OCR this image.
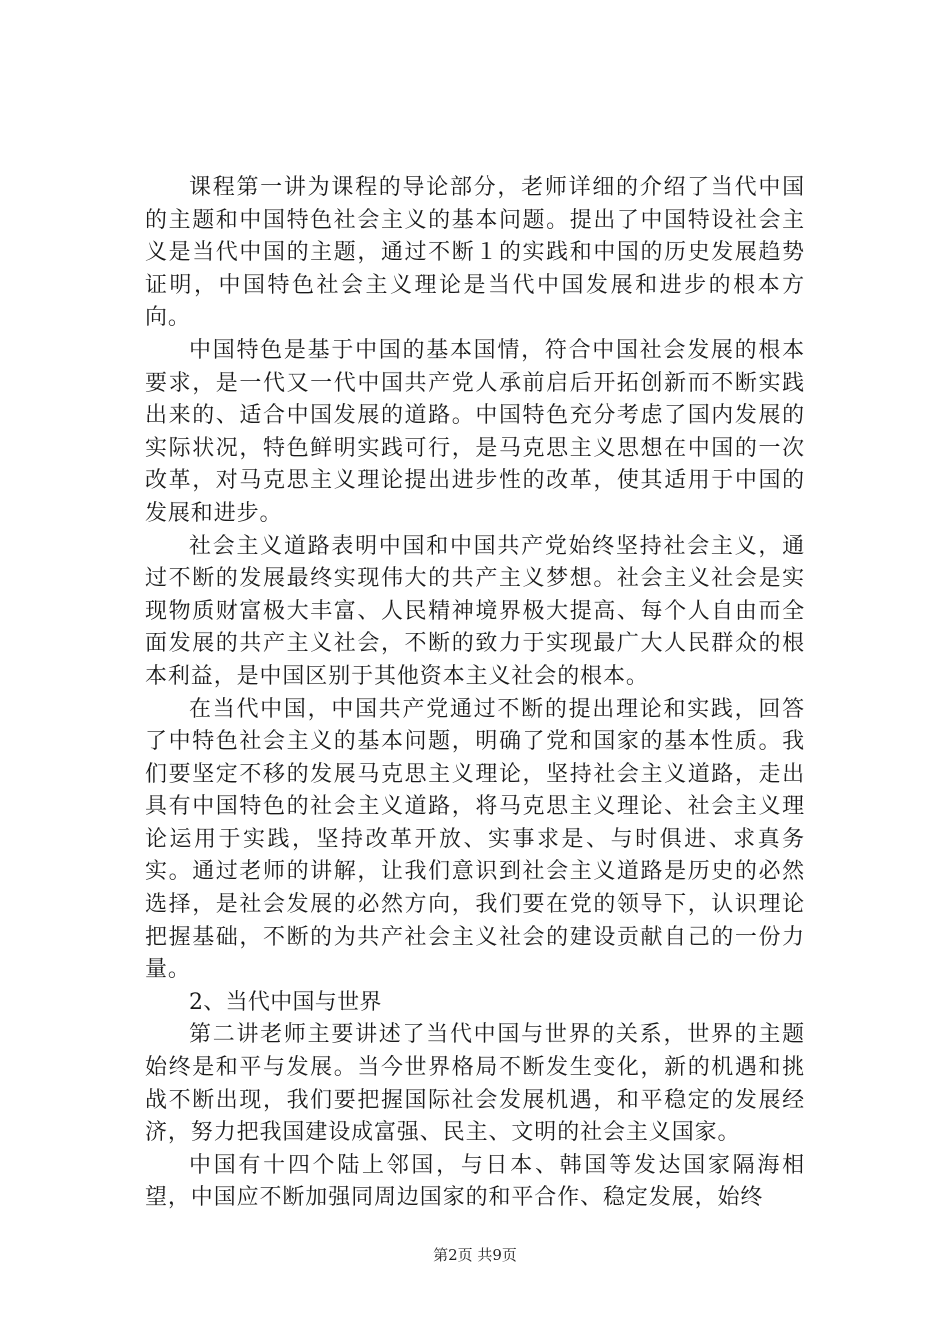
课程第一讲为课程的导论部分，老师详细的介绍了当代中国的主题和中国特色社会主义的基本问题。提出了中国特设社会主义是当代中国的主题，通过不断１的实践和中国的历史发展趋势证明，中国特色社会主义理论是当代中国发展和进步的根本方向。

中国特色是基于中国的基本国情，符合中国社会发展的根本要求，是一代又一代中国共产党人承前启后开拓创新而不断实践出来的、适合中国发展的道路。中国特色充分考虑了国内发展的实际状况，特色鲜明实践可行，是马克思主义思想在中国的一次改革，对马克思主义理论提出进步性的改革，使其适用于中国的发展和进步。

社会主义道路表明中国和中国共产党始终坚持社会主义，通过不断的发展最终实现伟大的共产主义梦想。社会主义社会是实现物质财富极大丰富、人民精神境界极大提高、每个人自由而全面发展的共产主义社会，不断的致力于实现最广大人民群众的根本利益，是中国区别于其他资本主义社会的根本。

在当代中国，中国共产党通过不断的提出理论和实践，回答了中特色社会主义的基本问题，明确了党和国家的基本性质。我们要坚定不移的发展马克思主义理论，坚持社会主义道路，走出具有中国特色的社会主义道路，将马克思主义理论、社会主义理论运用于实践，坚持改革开放、实事求是、与时俱进、求真务实。通过老师的讲解，让我们意识到社会主义道路是历史的必然选择，是社会发展的必然方向，我们要在党的领导下，认识理论把握基础，不断的为共产社会主义社会的建设贡献自己的一份力量。

2、当代中国与世界

第二讲老师主要讲述了当代中国与世界的关系，世界的主题始终是和平与发展。当今世界格局不断发生变化，新的机遇和挑战不断出现，我们要把握国际社会发展机遇，和平稳定的发展经济，努力把我国建设成富强、民主、文明的社会主义国家。

中国有十四个陆上邻国，与日本、韩国等发达国家隔海相望，中国应不断加强同周边国家的和平合作、稳定发展，始终

第2页 共9页
